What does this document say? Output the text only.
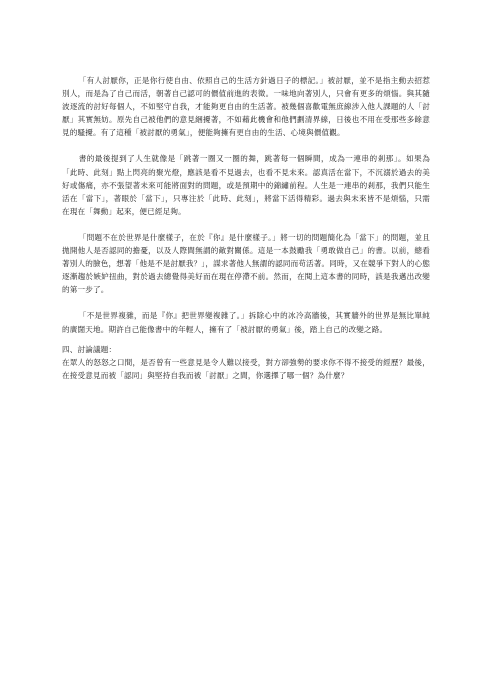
「有人討厭你，正是你行使自由、依照自己的生活方針過日子的標記。」被討厭，並不是指主動去招惹別人，而是為了自己而活，朝著自己認可的價值前進的表徵。一味地向著別人，只會有更多的煩惱。與其隨波逐流的討好每個人，不如堅守自我，才能夠更自由的生活著。被幾個喜歡電無庶線涉入他人課題的人「討厭」其實無妨。原先自己被他們的意見綑擾著，不如藉此機會和他們劃清界線，日後也不用在受那些多餘意見的騷擾。有了這種「被討厭的勇氣」，便能夠擁有更自由的生活、心境與價值觀。

書的最後提到了人生就像是「跳著一圈又一圈的舞，跳著每一個瞬間，成為一連串的剎那」。如果為「此時、此刻」點上閃亮的聚光燈，應該是看不見過去，也看不見未來。認真活在當下，不沉溺於過去的美好或傷痛，亦不張望著未來可能將面對的問題，或是預期中的錦繡前程。人生是一連串的剎那，我們只能生活在「當下」，著眼於「當下」，只專注於「此時、此刻」，將當下活得精彩。過去與未來皆不是煩惱，只需在現在「舞動」起來，便已經足夠。

「問題不在於世界是什麼樣子，在於『你』是什麼樣子。」將一切的問題簡化為「當下」的問題，並且拋開他人是否認同的擔憂，以及人際間無謂的敵對關係。這是一本鼓勵我「勇敢做自己」的書。以前，總看著別人的臉色，想著「他是不是討厭我？」，謀求著他人無謂的認同而苟活著。同時，又在競爭下對人的心態逐漸趨於嫉妒扭曲，對於過去總覺得美好而在現在停滯不前。然而，在閱上這本書的同時，該是我邁出改變的第一步了。

「不是世界複雜，而是『你』把世界變複雜了。」拆除心中的冰冷高牆後，其實牆外的世界是無比單純的廣闊天地。期許自己能像書中的年輕人，擁有了「被討厭的勇氣」後，踏上自己的改變之路。

四、討論議題：

在眾人的怒怒之口間，是否曾有一些意見是令人難以接受，對方卻強勢的要求你不得不接受的經歷？最後，在接受意見而被「認同」與堅持自我而被「討厭」之間，你選擇了哪一個？為什麼？
